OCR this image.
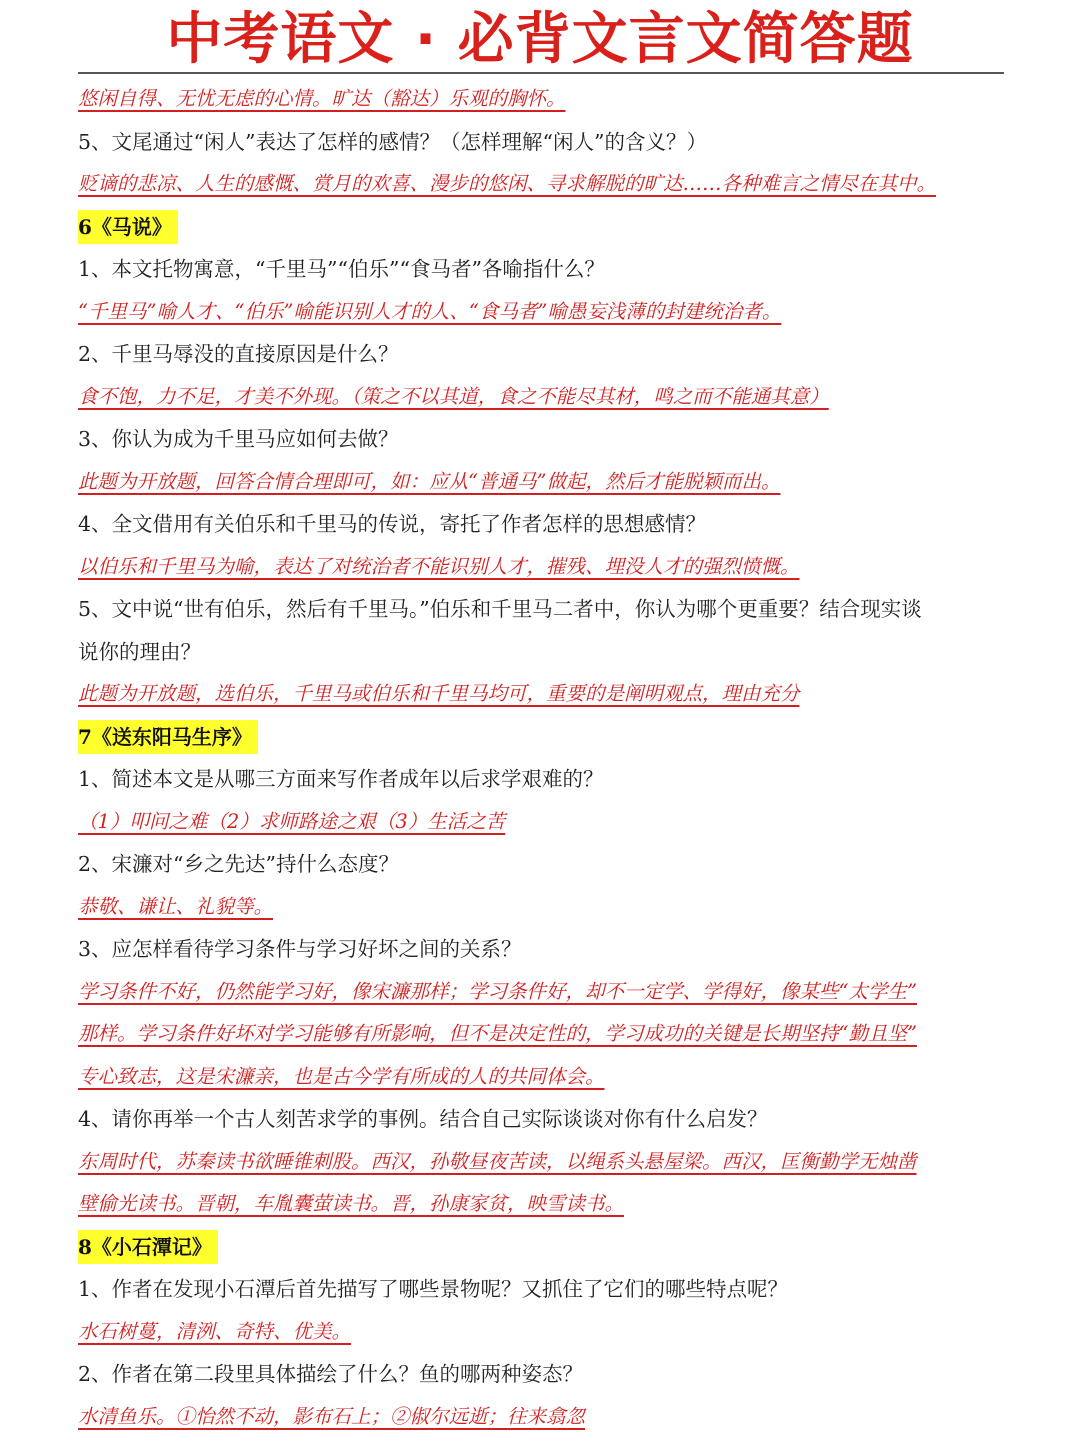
中考语文 · 必背文言文简答题
悠闲自得、无忧无虑的心情。旷达（豁达）乐观的胸怀。
5、文尾通过“闲人”表达了怎样的感情？（怎样理解“闲人”的含义？）
贬谪的悲凉、人生的感慨、赏月的欢喜、漫步的悠闲、寻求解脱的旷达……各种难言之情尽在其中。
6《马说》
1、本文托物寓意，“千里马”“伯乐”“食马者”各喻指什么？
“千里马”喻人才、“伯乐”喻能识别人才的人、“食马者”喻愚妄浅薄的封建统治者。
2、千里马辱没的直接原因是什么？
食不饱，力不足，才美不外现。（策之不以其道，食之不能尽其材，鸣之而不能通其意）
3、你认为成为千里马应如何去做？
此题为开放题，回答合情合理即可，如：应从“普通马”做起，然后才能脱颖而出。
4、全文借用有关伯乐和千里马的传说，寄托了作者怎样的思想感情？
以伯乐和千里马为喻，表达了对统治者不能识别人才，摧残、埋没人才的强烈愤慨。
5、文中说“世有伯乐，然后有千里马。”伯乐和千里马二者中，你认为哪个更重要？结合现实谈
说你的理由？
此题为开放题，选伯乐，千里马或伯乐和千里马均可，重要的是阐明观点，理由充分
7《送东阳马生序》
1、简述本文是从哪三方面来写作者成年以后求学艰难的？
（1）叩问之难（2）求师路途之艰（3）生活之苦
2、宋濂对“乡之先达”持什么态度？
恭敬、谦让、礼貌等。
3、应怎样看待学习条件与学习好坏之间的关系？
学习条件不好，仍然能学习好，像宋濂那样；学习条件好，却不一定学、学得好，像某些“太学生”
那样。学习条件好坏对学习能够有所影响，但不是决定性的，学习成功的关键是长期坚持“勤且坚”
专心致志，这是宋濂亲，也是古今学有所成的人的共同体会。
4、请你再举一个古人刻苦求学的事例。结合自己实际谈谈对你有什么启发？
东周时代，苏秦读书欲睡锥刺股。西汉，孙敬昼夜苦读，以绳系头悬屋梁。西汉，匡衡勤学无烛凿
壁偷光读书。晋朝，车胤囊萤读书。晋，孙康家贫，映雪读书。
8《小石潭记》
1、作者在发现小石潭后首先描写了哪些景物呢？又抓住了它们的哪些特点呢？
水石树蔓，清洌、奇特、优美。
2、作者在第二段里具体描绘了什么？鱼的哪两种姿态？
水清鱼乐。①怡然不动，影布石上；②俶尔远逝；往来翕忽
